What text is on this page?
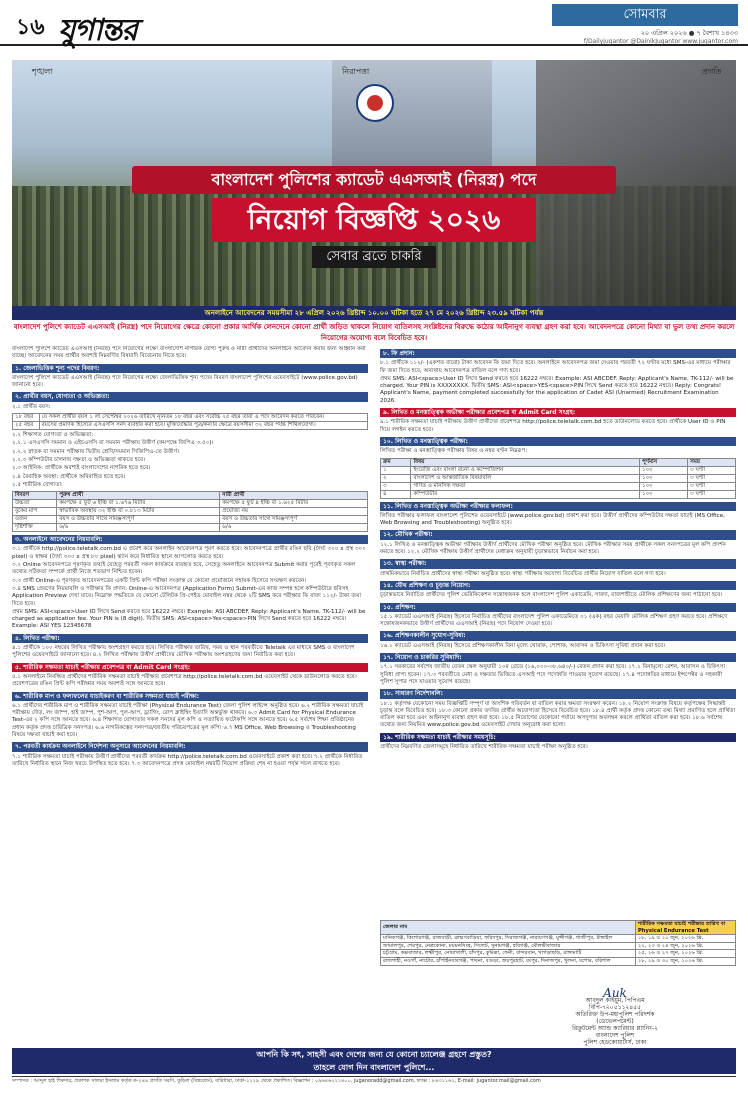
১৬ যুগান্তর	সোমবার
২০ এপ্রিল ২০২৬ ● ৭ বৈশাখ ১৪৩৩
f/Dailyjugantor @DainikJugantor www.jugantor.com
শৃঙ্খলা	নিরাপত্তা	প্রগতি
বাংলাদেশ পুলিশের ক্যাডেট এএসআই (নিরস্ত্র) পদে
নিয়োগ বিজ্ঞপ্তি ২০২৬
সেবার ব্রতে চাকরি
অনলাইনে আবেদনের সময়সীমা ২৮ এপ্রিল ২০২৬ খ্রিষ্টাব্দ ১০.০০ ঘটিকা হতে ২৭ মে ২০২৬ খ্রিষ্টাব্দ ২৩.৫৯ ঘটিকা পর্যন্ত
বাংলাদেশ পুলিশে ক্যাডেট এএসআই (নিরস্ত্র) পদে নিয়োগের ক্ষেত্রে কোনো প্রকার আর্থিক লেনদেনে কোনো প্রার্থী জড়িত থাকলে নিয়োগ বাতিলসহ সংশ্লিষ্টদের বিরুদ্ধে কঠোর আইনানুগ ব্যবস্থা গ্রহণ করা হবে। আবেদনপত্রে কোনো মিথ্যা বা ভুল তথ্য প্রদান করলে নিয়োগের অযোগ্য বলে বিবেচিত হবে।
বাংলাদেশ পুলিশে ক্যাডেট এএসআই (নিরস্ত্র) পদে নিয়োগের লক্ষ্যে বাংলাদেশি নাগরিক যোগ্য পুরুষ ও নারী প্রার্থীদের অনলাইনে আবেদন করার জন্য আহ্বান করা যাচ্ছে। আবেদনের সময় প্রার্থীর অবশ্যই নিম্নবর্ণিত বিষয়াদি বিবেচনায় নিতে হবে।
১. জেলাভিত্তিক শূন্য পদের বিবরণ:
বাংলাদেশ পুলিশে ক্যাডেট এএসআই (নিরস্ত্র) পদে নিয়োগের লক্ষ্যে জেলাভিত্তিক শূন্য পদের বিবরণ বাংলাদেশ পুলিশের ওয়েবসাইটে (www.police.gov.bd) জানানো হবে।
২. প্রার্থীর বয়স, যোগ্যতা ও অভিজ্ঞতা:
২.১ প্রার্থীর বয়স:
১৮ বছর	যে সকল প্রার্থীর বয়স ১ লা সেপ্টেম্বর ২০২৬ তারিখে ন্যূনতম ১৮ বছর এবং সর্বোচ্চ ২৫ বছর তারা এ পদে আবেদন করতে পারবেন।
২৫ বছর	বয়সের প্রমাণক হিসেবে এসএসসি সনদ ব্যবহার করা হবে। মুক্তিযোদ্ধার পুত্র/কন্যার ক্ষেত্রে বয়সসীমা ৩২ বছর পর্যন্ত শিথিলযোগ্য।
২.২ শিক্ষাগত যোগ্যতা ও অভিজ্ঞতা:
২.২.১ এসএসসি সমমান ও এইচএসসি বা সমমান পরীক্ষায় উত্তীর্ণ (কমপক্ষে জিপিএ ৩.৫০)।
২.২.২ স্নাতক বা সমমান পরীক্ষায় দ্বিতীয় শ্রেণি/সমমান সিজিপিএ-তে উত্তীর্ণ।
২.২.৩ কম্পিউটার চালনায় দক্ষতা ও অভিজ্ঞতা থাকতে হবে।
২.৩ আইনিক: প্রার্থীকে অবশ্যই বাংলাদেশের নাগরিক হতে হবে।
২.৪ বৈবাহিক অবস্থা: প্রার্থীকে অবিবাহিত হতে হবে।
২.৫ শারীরিক যোগ্যতা:
বিবরণ	পুরুষ প্রার্থী	নারী প্রার্থী
উচ্চতা	কমপক্ষে ৫ ফুট ৬ ইঞ্চি বা ১.৬৭৬ মিটার	কমপক্ষে ৫ ফুট ৪ ইঞ্চি বা ১.৬২৫ মিটার
বুকের মাপ	স্বাভাবিক অবস্থায় ৩২ ইঞ্চি বা ০.৮১৩ মিটার	প্রযোজ্য নয়
ওজন	বয়স ও উচ্চতার সাথে সামঞ্জস্যপূর্ণ	বয়স ও উচ্চতার সাথে সামঞ্জস্যপূর্ণ
দৃষ্টিশক্তি	৬/৬	৬/৬
৩. অনলাইনে আবেদনের নিয়মাবলি:
৩.১ প্রার্থীকে http://police.teletalk.com.bd এ প্রবেশ করে অনলাইন আবেদনপত্র পূরণ করতে হবে। আবেদনপত্রে প্রার্থীর রঙিন ছবি (দৈর্ঘ্য ৩০০ x প্রস্থ ৩০০ pixel) ও স্বাক্ষর (দৈর্ঘ্য ৩০০ x প্রস্থ ৮০ pixel) স্ক্যান করে নির্ধারিত স্থানে আপলোড করতে হবে।
৩.২ Online আবেদনপত্রে পূরণকৃত তথ্যই যেহেতু পরবর্তী সকল কার্যক্রমে ব্যবহৃত হবে, সেহেতু অনলাইনে আবেদনপত্র Submit করার পূর্বেই পূরণকৃত সকল তথ্যের সঠিকতা সম্পর্কে প্রার্থী নিজে শতভাগ নিশ্চিত হবেন।
৩.৩ প্রার্থী Online-এ পূরণকৃত আবেদনপত্রের একটি প্রিন্ট কপি পরীক্ষা সংক্রান্ত যে কোনো প্রয়োজনে সহায়ক হিসেবে সংরক্ষণ করবেন।
৩.৪ SMS প্রেরণের নিয়মাবলি ও পরীক্ষার ফি প্রদান: Online-এ আবেদনপত্র (Application Form) Submit-এর কাজ সম্পন্ন হলে কম্পিউটারে ছবিসহ Application Preview দেখা যাবে। নিম্নোক্ত পদ্ধতিতে যে কোনো টেলিটক প্রি-পেইড মোবাইল নম্বর থেকে ২টি SMS করে পরীক্ষার ফি বাবদ ১১২/- টাকা জমা দিতে হবে।
প্রথম SMS: ASI<space>User ID লিখে Send করতে হবে 16222 নম্বরে। Example: ASI ABCDEF. Reply: Applicant's Name, TK-112/- will be charged as application fee. Your PIN is (8 digit). দ্বিতীয় SMS: ASI<space>Yes<space>PIN লিখে Send করতে হবে 16222 নম্বরে। Example: ASI YES 12345678
৪. লিখিত পরীক্ষা:
৪.১ প্রার্থীকে ১০০ নম্বরের লিখিত পরীক্ষায় অংশগ্রহণ করতে হবে। লিখিত পরীক্ষার তারিখ, সময় ও স্থান পরবর্তীতে Teletalk এর মাধ্যমে SMS ও বাংলাদেশ পুলিশের ওয়েবসাইটে জানানো হবে। ৪.২ লিখিত পরীক্ষায় উত্তীর্ণ প্রার্থীদের মৌখিক পরীক্ষায় অংশগ্রহণের জন্য নির্বাচিত করা হবে।
৫. শারীরিক সক্ষমতা যাচাই পরীক্ষায় প্রবেশপত্র বা Admit Card সংগ্রহ:
৫.১ অনলাইনে নিবন্ধিত প্রার্থীদের শারীরিক সক্ষমতা যাচাই পরীক্ষার প্রবেশপত্র http://police.teletalk.com.bd ওয়েবসাইট থেকে ডাউনলোড করতে হবে। প্রবেশপত্রের রঙিন প্রিন্ট কপি পরীক্ষার সময় অবশ্যই সঙ্গে আনতে হবে।
৬. শারীরিক মাপ ও ফলাফলের যাচাইকরণ বা শারীরিক সক্ষমতা যাচাই পরীক্ষা:
৬.১ প্রার্থীদের শারীরিক মাপ ও শারীরিক সক্ষমতা যাচাই পরীক্ষা (Physical Endurance Test) জেলা পুলিশ লাইন্সে অনুষ্ঠিত হবে। ৬.২ শারীরিক সক্ষমতা যাচাই পরীক্ষায় দৌড়, লং জাম্প, হাই জাম্প, পুশ-আপ, পুল-আপ, ড্র্যাগিং, রোপ ক্লাইম্বিং ইত্যাদি অন্তর্ভুক্ত থাকবে। ৬.৩ Admit Card for Physical Endurance Test-এর ২ কপি সঙ্গে আনতে হবে। ৬.৪ শিক্ষাগত যোগ্যতার সকল সনদের মূল কপি ও সত্যায়িত ফটোকপি সঙ্গে আনতে হবে। ৬.৫ সর্বশেষ শিক্ষা প্রতিষ্ঠানের প্রধান কর্তৃক প্রদত্ত চারিত্রিক সনদপত্র। ৬.৬ নাগরিকত্বের সনদপত্র/জাতীয় পরিচয়পত্রের মূল কপি। ৬.৭ MS Office, Web Browsing ও Troubleshooting বিষয়ে দক্ষতা যাচাই করা হবে।
৭. পরবর্তী কার্যক্রম অনলাইনে নির্দেশনা অনুসারে আবেদনের নিয়মাবলি:
৭.১ শারীরিক সক্ষমতা যাচাই পরীক্ষায় উত্তীর্ণ প্রার্থীদের পরবর্তী কার্যক্রম http://police.teletalk.com.bd ওয়েবসাইটে প্রকাশ করা হবে। ৭.২ প্রার্থীকে নির্ধারিত তারিখে নির্ধারিত স্থানে নিজ খরচে উপস্থিত হতে হবে। ৭.৩ আবেদনপত্রে প্রদত্ত মোবাইল নম্বরটি নিয়োগ প্রক্রিয়া শেষ না হওয়া পর্যন্ত সচল রাখতে হবে।
৮. ফি প্রদান:
৮.১ প্রার্থীকে ১১২/- (একশত বারো) টাকা আবেদন ফি জমা দিতে হবে। অনলাইনে আবেদনপত্র জমা দেওয়ার পরবর্তী ৭২ ঘণ্টার মধ্যে SMS-এর মাধ্যমে পরীক্ষার ফি জমা দিতে হবে, অন্যথায় আবেদনপত্র বাতিল বলে গণ্য হবে।
প্রথম SMS: ASI<space>User ID লিখে Send করতে হবে 16222 নম্বরে। Example: ASI ABCDEF. Reply: Applicant's Name, TK-112/- will be charged. Your PIN is XXXXXXXX. দ্বিতীয় SMS: ASI<space>YES<space>PIN লিখে Send করতে হবে 16222 নম্বরে। Reply: Congrats! Applicant's Name, payment completed successfully for the application of Cadet ASI (Unarmed) Recruitment Examination 2026.
৯. লিখিত ও মনস্তাত্ত্বিক অভীক্ষা পরীক্ষার প্রবেশপত্র বা Admit Card সংগ্রহ:
৯.১ শারীরিক সক্ষমতা যাচাই পরীক্ষায় উত্তীর্ণ প্রার্থীদের প্রবেশপত্র http://police.teletalk.com.bd হতে ডাউনলোড করতে হবে। প্রার্থীকে User ID ও PIN দিয়ে লগইন করতে হবে।
১০. লিখিত ও মনস্তাত্ত্বিক পরীক্ষা:
লিখিত পরীক্ষা ও মনস্তাত্ত্বিক পরীক্ষার বিষয় ও নম্বর বণ্টন নিম্নরূপ:
ক্রম	বিষয়	পূর্ণমান	সময়
১	ইংরেজি এবং বাংলা রচনা ও কম্পোজিশন	১০০	৩ ঘণ্টা
২	বাংলাদেশ ও আন্তর্জাতিক বিষয়াবলি	১০০	৩ ঘণ্টা
৩	গণিত ও মানসিক দক্ষতা	১০০	৩ ঘণ্টা
৪	কম্পিউটার	১০০	৩ ঘণ্টা
১১. লিখিত ও মনস্তাত্ত্বিক অভীক্ষা পরীক্ষার ফলাফল:
লিখিত পরীক্ষার ফলাফল বাংলাদেশ পুলিশের ওয়েবসাইটে (www.police.gov.bd) প্রকাশ করা হবে। উত্তীর্ণ প্রার্থীদের কম্পিউটার দক্ষতা যাচাই (MS Office, Web Browsing and Troubleshooting) অনুষ্ঠিত হবে।
১২. মৌখিক পরীক্ষা:
১২.১ লিখিত ও মনস্তাত্ত্বিক অভীক্ষা পরীক্ষায় উত্তীর্ণ প্রার্থীদের মৌখিক পরীক্ষা অনুষ্ঠিত হবে। মৌখিক পরীক্ষার সময় প্রার্থীকে সকল সনদপত্রের মূল কপি প্রদর্শন করতে হবে। ১২.২ মৌখিক পরীক্ষায় উত্তীর্ণ প্রার্থীদের মেধাক্রম অনুযায়ী চূড়ান্তভাবে নির্বাচন করা হবে।
১৩. স্বাস্থ্য পরীক্ষা:
প্রাথমিকভাবে নির্বাচিত প্রার্থীদের স্বাস্থ্য পরীক্ষা অনুষ্ঠিত হবে। স্বাস্থ্য পরীক্ষায় অযোগ্য বিবেচিত প্রার্থীর নিয়োগ বাতিল বলে গণ্য হবে।
১৪. যৌথ প্রশিক্ষণ ও চূড়ান্ত নিয়োগ:
চূড়ান্তভাবে নির্বাচিত প্রার্থীদের পুলিশ ভেরিফিকেশন সন্তোষজনক হলে বাংলাদেশ পুলিশ একাডেমি, সারদা, রাজশাহীতে মৌলিক প্রশিক্ষণের জন্য পাঠানো হবে।
১৫. প্রশিক্ষণ:
১৫.১ ক্যাডেট এএসআই (নিরস্ত্র) হিসেবে নির্বাচিত প্রার্থীদের বাংলাদেশ পুলিশ একাডেমিতে ০১ (এক) বছর মেয়াদি মৌলিক প্রশিক্ষণ গ্রহণ করতে হবে। প্রশিক্ষণে সন্তোষজনকভাবে উত্তীর্ণ প্রার্থীদের এএসআই (নিরস্ত্র) পদে নিয়োগ দেওয়া হবে।
১৬. প্রশিক্ষণকালীন সুযোগ-সুবিধা:
১৬.১ ক্যাডেট এএসআই (নিরস্ত্র) হিসেবে প্রশিক্ষণকালীন বিনা মূল্যে খোরাক, পোশাক, আবাসন ও চিকিৎসা সুবিধা প্রদান করা হবে।
১৭. নিয়োগ ও চাকরির সুবিধাদি:
১৭.১ সরকারের সর্বশেষ জাতীয় বেতন স্কেল অনুযায়ী ১০ম গ্রেডে (১৬,০০০-৩৮,৬৪০/-) বেতন প্রদান করা হবে। ১৭.২ বিনামূল্যে রেশন, আবাসন ও চিকিৎসা সুবিধা প্রাপ্য হবেন। ১৭.৩ পরবর্তীতে মেধা ও দক্ষতার ভিত্তিতে এসআই পদে পদোন্নতি পাওয়ার সুযোগ রয়েছে। ১৭.৪ পদোন্নতির মাধ্যমে ইন্সপেক্টর ও সহকারী পুলিশ সুপার পদে যাওয়ার সুযোগ রয়েছে।
১৮. সাধারণ নির্দেশাবলি:
১৮.১ কর্তৃপক্ষ যেকোনো সময় বিজ্ঞপ্তিটি সম্পূর্ণ বা আংশিক পরিবর্তন বা বাতিল করার ক্ষমতা সংরক্ষণ করেন। ১৮.২ নিয়োগ সংক্রান্ত বিষয়ে কর্তৃপক্ষের সিদ্ধান্তই চূড়ান্ত বলে বিবেচিত হবে। ১৮.৩ কোনো প্রকার তদবির প্রার্থীর অযোগ্যতা হিসেবে বিবেচিত হবে। ১৮.৪ প্রার্থী কর্তৃক প্রদত্ত কোনো তথ্য মিথ্যা প্রমাণিত হলে প্রার্থিতা বাতিল করা হবে এবং আইনানুগ ব্যবস্থা গ্রহণ করা হবে। ১৮.৫ নিয়োগের যেকোনো পর্যায়ে অসদুপায় অবলম্বন করলে প্রার্থিতা বাতিল করা হবে। ১৮.৬ সর্বশেষ তথ্যের জন্য নিয়মিত www.police.gov.bd ওয়েবসাইট দেখার অনুরোধ করা হলো।
১৯. শারীরিক সক্ষমতা যাচাই পরীক্ষার সময়সূচি:
প্রার্থীদের নিম্নবর্ণিত জেলাসমূহে নির্ধারিত তারিখে শারীরিক সক্ষমতা যাচাই পরীক্ষা অনুষ্ঠিত হবে।
জেলার নাম	শারীরিক সক্ষমতা যাচাই পরীক্ষার তারিখ বা Physical Endurance Test
মানিকগঞ্জ, কিশোরগঞ্জ, রাজবাড়ী, ব্রাহ্মণবাড়িয়া, ফরিদপুর, সিরাজগঞ্জ, নারায়ণগঞ্জ, মুন্সীগঞ্জ, গাজীপুর, টাঙ্গাইল	১৮, ১৯ ও ২০ জুন, ২০২৬ খ্রি.
জামালপুর, শেরপুর, নেত্রকোনা, ময়মনসিংহ, সিলেট, সুনামগঞ্জ, হবিগঞ্জ, মৌলভীবাজার	২২, ২৩ ও ২৪ জুন, ২০২৬ খ্রি.
চট্টগ্রাম, কক্সবাজার, লক্ষ্মীপুর, নোয়াখালী, চাঁদপুর, কুমিল্লা, ফেনী, বান্দরবান, খাগড়াছড়ি, রাঙ্গামাটি	২৫, ২৬ ও ২৭ জুন, ২০২৬ খ্রি.
রাজশাহী, নওগাঁ, নাটোর, চাঁপাইনবাবগঞ্জ, পাবনা, বগুড়া, জয়পুরহাট, রংপুর, দিনাজপুর, খুলনা, যশোর, বরিশাল	২৮, ২৯ ও ৩০ জুন, ২০২৬ খ্রি.
Auk
আবদুল কাইয়ুম, পিপিএম
বিপি-৭২০৫১১২৪৫৫
অতিরিক্ত উপ-মহাপুলিশ পরিদর্শক (ডেভেলপমেন্ট)
রিক্রুটমেন্ট অ্যান্ড ক্যারিয়ার প্ল্যানিং-২
বাংলাদেশ পুলিশ
পুলিশ হেডকোয়ার্টার্স, ঢাকা
আপনি কি সৎ, সাহসী এবং দেশের জন্য যে কোনো চ্যালেঞ্জ গ্রহণে প্রস্তুত?
তাহলে যোগ দিন বাংলাদেশ পুলিশে...
সম্পাদক : আব্দুল হাই শিকদার, প্রকাশক সালমা ইসলাম কর্তৃক ক-২৪৪ প্রগতি সরণি, কুড়িল (বিশ্বরোড), বারিধারা, ঢাকা-১২২৯ থেকে প্রকাশিত। বিজ্ঞাপন : ০৯৬৪৬০২১৪০০, juganoradd@gmail.com, ফ্যাক্স : ৮৪৩১১৬১, E-mail: jugantor.mail@gmail.com
